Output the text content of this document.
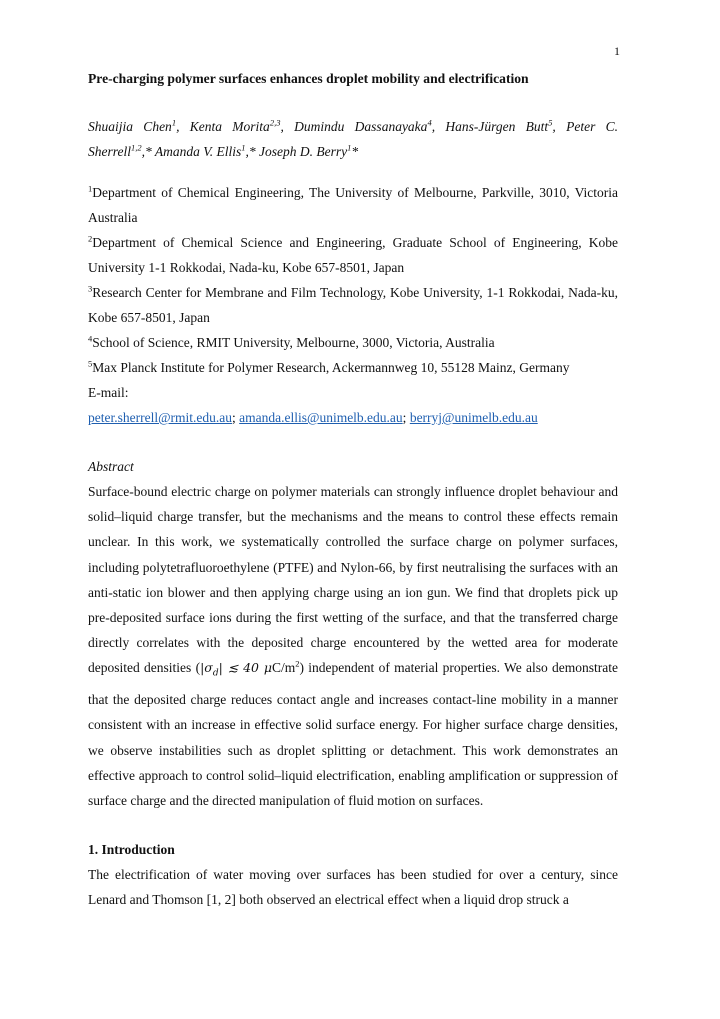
1
Pre-charging polymer surfaces enhances droplet mobility and electrification
Shuaijia Chen$^1$, Kenta Morita$^{2,3}$, Dumindu Dassanayaka$^4$, Hans-Jürgen Butt$^5$, Peter C. Sherrell$^{1,2}$,* Amanda V. Ellis$^1$,* Joseph D. Berry$^1$*

$^1$Department of Chemical Engineering, The University of Melbourne, Parkville, 3010, Victoria Australia

$^2$Department of Chemical Science and Engineering, Graduate School of Engineering, Kobe University 1-1 Rokkodai, Nada-ku, Kobe 657-8501, Japan

$^3$Research Center for Membrane and Film Technology, Kobe University, 1-1 Rokkodai, Nada-ku, Kobe 657-8501, Japan

$^4$School of Science, RMIT University, Melbourne, 3000, Victoria, Australia

$^5$Max Planck Institute for Polymer Research, Ackermannweg 10, 55128 Mainz, Germany

E-mail:

peter.sherrell@rmit.edu.au; amanda.ellis@unimelb.edu.au; berryj@unimelb.edu.au

Abstract

Surface-bound electric charge on polymer materials can strongly influence droplet behaviour and solid–liquid charge transfer, but the mechanisms and the means to control these effects remain unclear. In this work, we systematically controlled the surface charge on polymer surfaces, including polytetrafluoroethylene (PTFE) and Nylon-66, by first neutralising the surfaces with an anti-static ion blower and then applying charge using an ion gun. We find that droplets pick up pre-deposited surface ions during the first wetting of the surface, and that the transferred charge directly correlates with the deposited charge encountered by the wetted area for moderate deposited densities ($|\sigma_d|$ ≲ 40 $\mu C/m^2$) independent of material properties. We also demonstrate that the deposited charge reduces contact angle and increases contact-line mobility in a manner consistent with an increase in effective solid surface energy. For higher surface charge densities, we observe instabilities such as droplet splitting or detachment. This work demonstrates an effective approach to control solid–liquid electrification, enabling amplification or suppression of surface charge and the directed manipulation of fluid motion on surfaces.

1. Introduction

The electrification of water moving over surfaces has been studied for over a century, since Lenard and Thomson [1, 2] both observed an electrical effect when a liquid drop struck a
